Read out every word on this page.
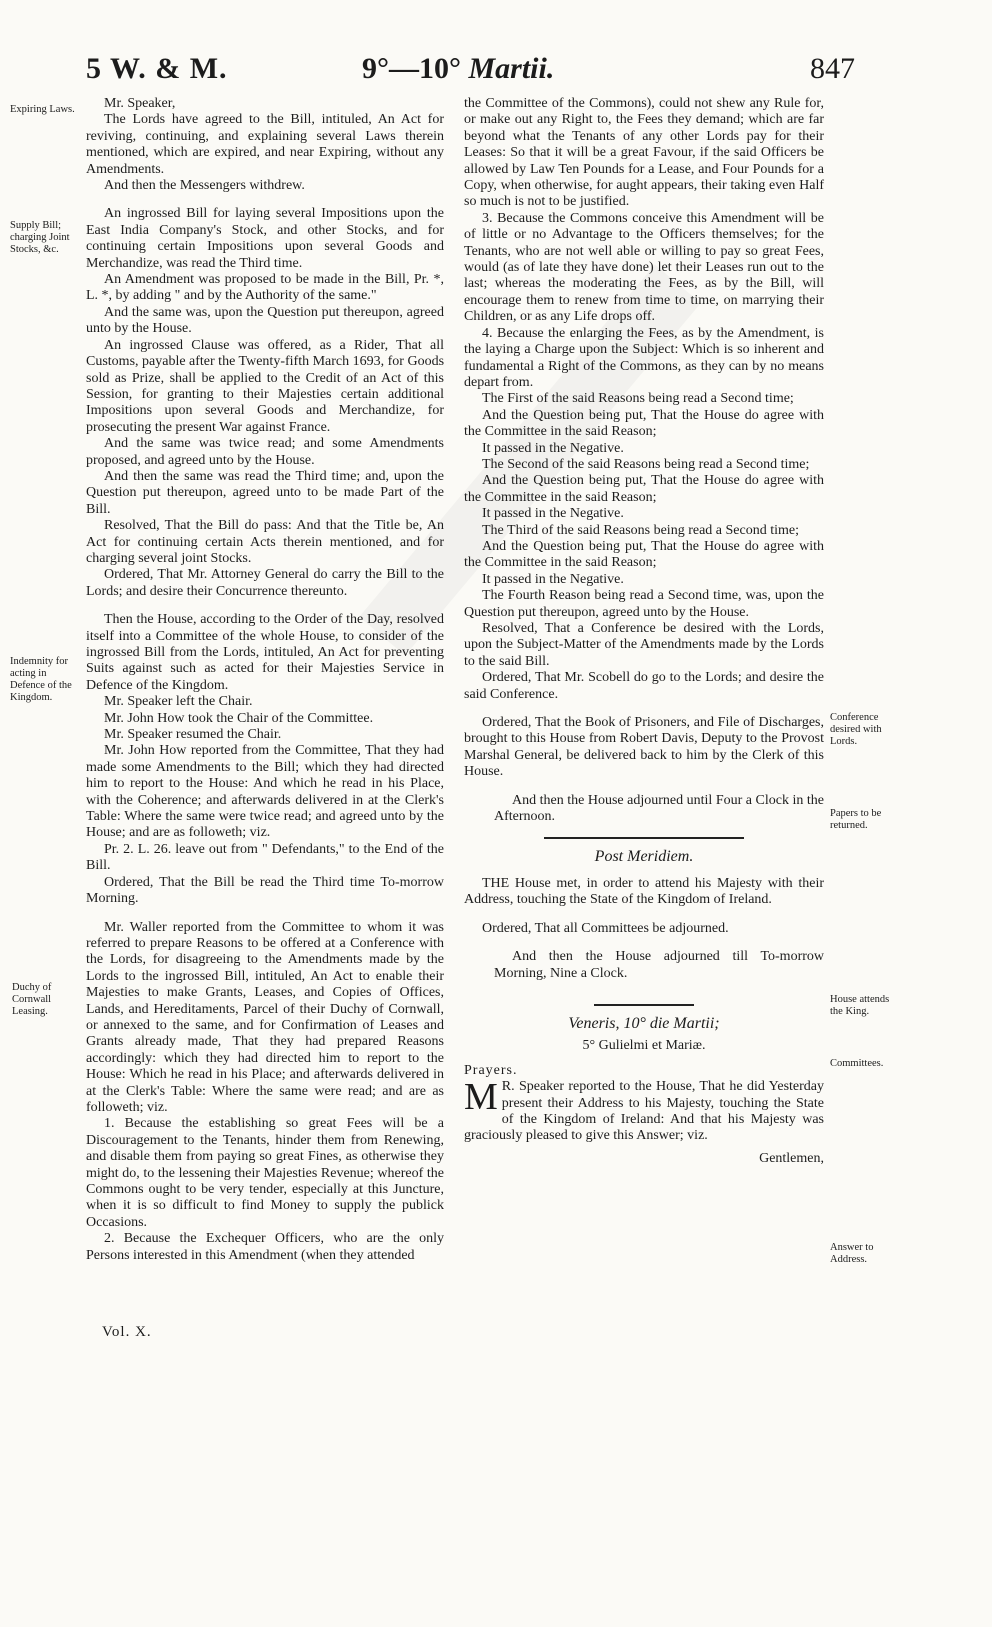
5 W. & M.	9°—10° Martii.	847
Expiring Laws.
Supply Bill; charging Joint Stocks, &c.
Indemnity for acting in Defence of the Kingdom.
Duchy of Cornwall Leasing.
Conference desired with Lords.
Papers to be returned.
House attends the King.
Committees.
Answer to Address.

Mr. Speaker,

The Lords have agreed to the Bill, intituled, An Act for reviving, continuing, and explaining several Laws therein mentioned, which are expired, and near Expiring, without any Amendments.

And then the Messengers withdrew.

An ingrossed Bill for laying several Impositions upon the East India Company's Stock, and other Stocks, and for continuing certain Impositions upon several Goods and Merchandize, was read the Third time.

An Amendment was proposed to be made in the Bill, Pr. *, L. *, by adding " and by the Authority of the same."

And the same was, upon the Question put thereupon, agreed unto by the House.

An ingrossed Clause was offered, as a Rider, That all Customs, payable after the Twenty-fifth March 1693, for Goods sold as Prize, shall be applied to the Credit of an Act of this Session, for granting to their Majesties certain additional Impositions upon several Goods and Merchandize, for prosecuting the present War against France.

And the same was twice read; and some Amendments proposed, and agreed unto by the House.

And then the same was read the Third time; and, upon the Question put thereupon, agreed unto to be made Part of the Bill.

Resolved, That the Bill do pass: And that the Title be, An Act for continuing certain Acts therein mentioned, and for charging several joint Stocks.

Ordered, That Mr. Attorney General do carry the Bill to the Lords; and desire their Concurrence thereunto.

Then the House, according to the Order of the Day, resolved itself into a Committee of the whole House, to consider of the ingrossed Bill from the Lords, intituled, An Act for preventing Suits against such as acted for their Majesties Service in Defence of the Kingdom.

Mr. Speaker left the Chair.

Mr. John How took the Chair of the Committee.

Mr. Speaker resumed the Chair.

Mr. John How reported from the Committee, That they had made some Amendments to the Bill; which they had directed him to report to the House: And which he read in his Place, with the Coherence; and afterwards delivered in at the Clerk's Table: Where the same were twice read; and agreed unto by the House; and are as followeth; viz.

Pr. 2. L. 26. leave out from " Defendants," to the End of the Bill.

Ordered, That the Bill be read the Third time To-morrow Morning.

Mr. Waller reported from the Committee to whom it was referred to prepare Reasons to be offered at a Conference with the Lords, for disagreeing to the Amendments made by the Lords to the ingrossed Bill, intituled, An Act to enable their Majesties to make Grants, Leases, and Copies of Offices, Lands, and Hereditaments, Parcel of their Duchy of Cornwall, or annexed to the same, and for Confirmation of Leases and Grants already made, That they had prepared Reasons accordingly: which they had directed him to report to the House: Which he read in his Place; and afterwards delivered in at the Clerk's Table: Where the same were read; and are as followeth; viz.

1. Because the establishing so great Fees will be a Discouragement to the Tenants, hinder them from Renewing, and disable them from paying so great Fines, as otherwise they might do, to the lessening their Majesties Revenue; whereof the Commons ought to be very tender, especially at this Juncture, when it is so difficult to find Money to supply the publick Occasions.

2. Because the Exchequer Officers, who are the only Persons interested in this Amendment (when they attended

the Committee of the Commons), could not shew any Rule for, or make out any Right to, the Fees they demand; which are far beyond what the Tenants of any other Lords pay for their Leases: So that it will be a great Favour, if the said Officers be allowed by Law Ten Pounds for a Lease, and Four Pounds for a Copy, when otherwise, for aught appears, their taking even Half so much is not to be justified.

3. Because the Commons conceive this Amendment will be of little or no Advantage to the Officers themselves; for the Tenants, who are not well able or willing to pay so great Fees, would (as of late they have done) let their Leases run out to the last; whereas the moderating the Fees, as by the Bill, will encourage them to renew from time to time, on marrying their Children, or as any Life drops off.

4. Because the enlarging the Fees, as by the Amendment, is the laying a Charge upon the Subject: Which is so inherent and fundamental a Right of the Commons, as they can by no means depart from.

The First of the said Reasons being read a Second time;

And the Question being put, That the House do agree with the Committee in the said Reason;

It passed in the Negative.

The Second of the said Reasons being read a Second time;

And the Question being put, That the House do agree with the Committee in the said Reason;

It passed in the Negative.

The Third of the said Reasons being read a Second time;

And the Question being put, That the House do agree with the Committee in the said Reason;

It passed in the Negative.

The Fourth Reason being read a Second time, was, upon the Question put thereupon, agreed unto by the House.

Resolved, That a Conference be desired with the Lords, upon the Subject-Matter of the Amendments made by the Lords to the said Bill.

Ordered, That Mr. Scobell do go to the Lords; and desire the said Conference.

Ordered, That the Book of Prisoners, and File of Discharges, brought to this House from Robert Davis, Deputy to the Provost Marshal General, be delivered back to him by the Clerk of this House.

And then the House adjourned until Four a Clock in the Afternoon.

Post Meridiem.

THE House met, in order to attend his Majesty with their Address, touching the State of the Kingdom of Ireland.

Ordered, That all Committees be adjourned.

And then the House adjourned till To-morrow Morning, Nine a Clock.

Veneris, 10° die Martii;

5° Gulielmi et Mariæ.

Prayers.

M R. Speaker reported to the House, That he did Yesterday present their Address to his Majesty, touching the State of the Kingdom of Ireland: And that his Majesty was graciously pleased to give this Answer; viz.

Gentlemen,

Vol. X.
